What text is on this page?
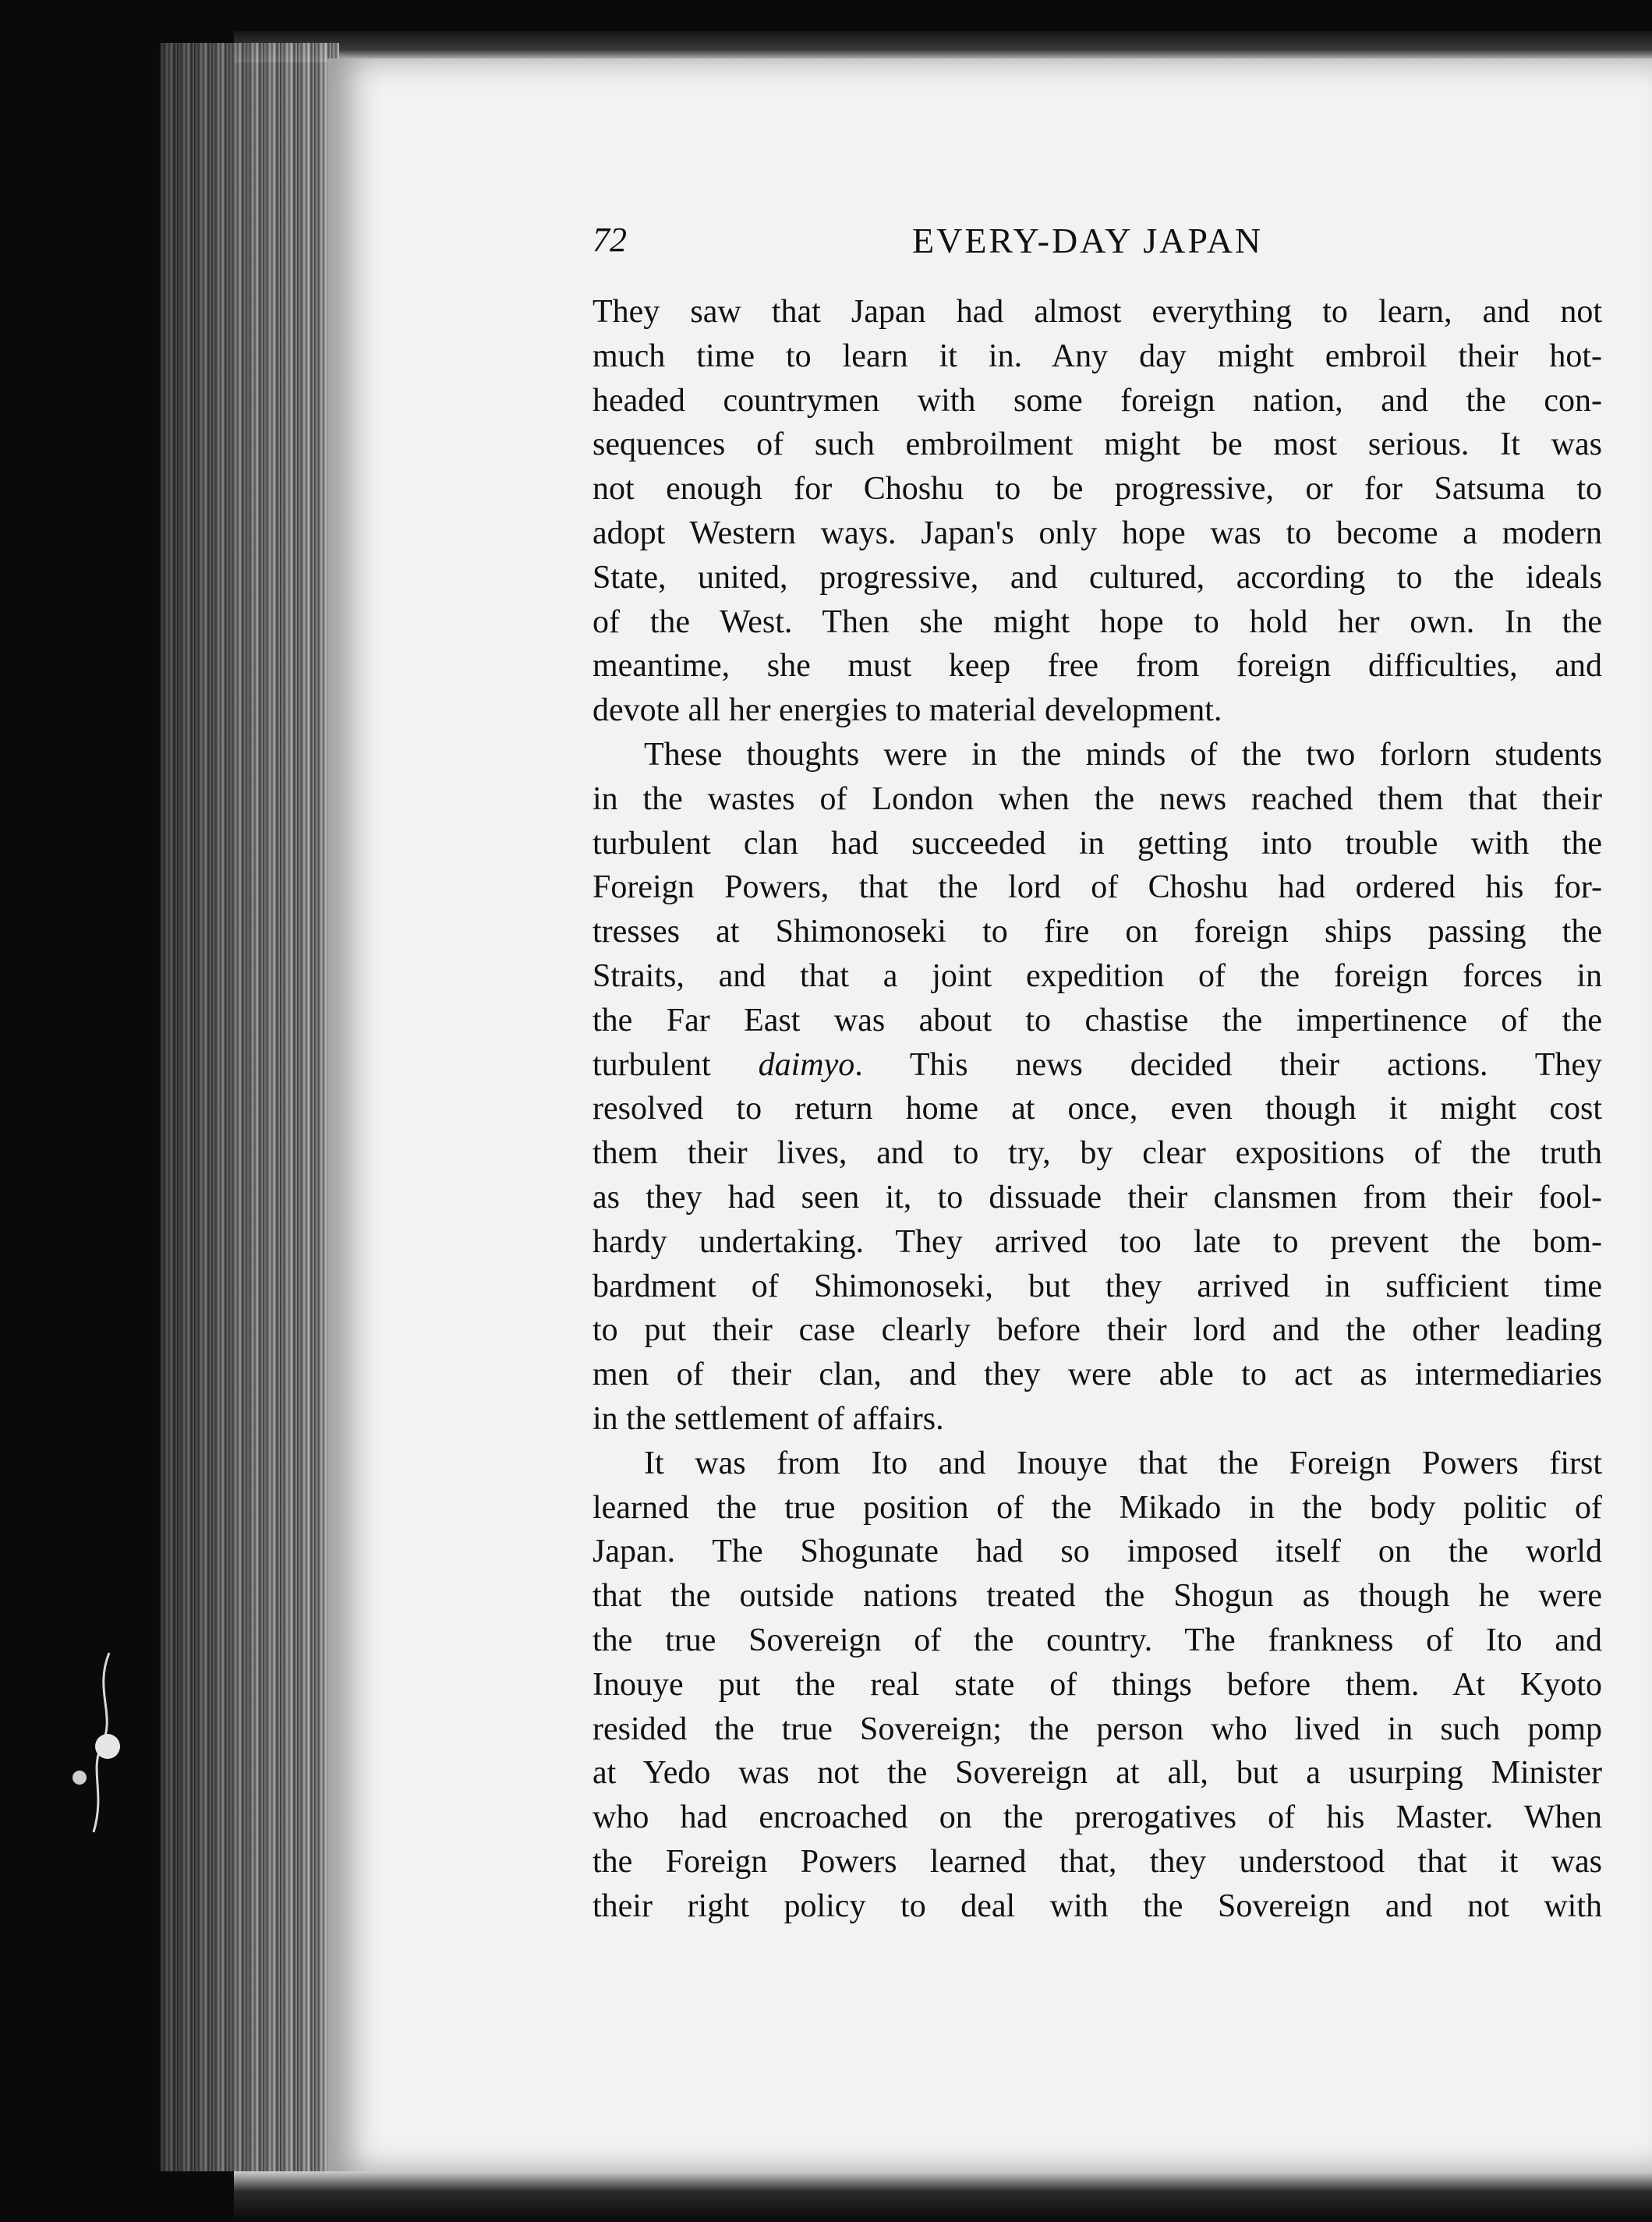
72	EVERY-DAY JAPAN
They saw that Japan had almost everything to learn, and not
much time to learn it in. Any day might embroil their hot-
headed countrymen with some foreign nation, and the con-
sequences of such embroilment might be most serious. It was
not enough for Choshu to be progressive, or for Satsuma to
adopt Western ways. Japan's only hope was to become a modern
State, united, progressive, and cultured, according to the ideals
of the West. Then she might hope to hold her own. In the
meantime, she must keep free from foreign difficulties, and
devote all her energies to material development.
These thoughts were in the minds of the two forlorn students
in the wastes of London when the news reached them that their
turbulent clan had succeeded in getting into trouble with the
Foreign Powers, that the lord of Choshu had ordered his for-
tresses at Shimonoseki to fire on foreign ships passing the
Straits, and that a joint expedition of the foreign forces in
the Far East was about to chastise the impertinence of the
turbulent daimyo. This news decided their actions. They
resolved to return home at once, even though it might cost
them their lives, and to try, by clear expositions of the truth
as they had seen it, to dissuade their clansmen from their fool-
hardy undertaking. They arrived too late to prevent the bom-
bardment of Shimonoseki, but they arrived in sufficient time
to put their case clearly before their lord and the other leading
men of their clan, and they were able to act as intermediaries
in the settlement of affairs.
It was from Ito and Inouye that the Foreign Powers first
learned the true position of the Mikado in the body politic of
Japan. The Shogunate had so imposed itself on the world
that the outside nations treated the Shogun as though he were
the true Sovereign of the country. The frankness of Ito and
Inouye put the real state of things before them. At Kyoto
resided the true Sovereign; the person who lived in such pomp
at Yedo was not the Sovereign at all, but a usurping Minister
who had encroached on the prerogatives of his Master. When
the Foreign Powers learned that, they understood that it was
their right policy to deal with the Sovereign and not with
